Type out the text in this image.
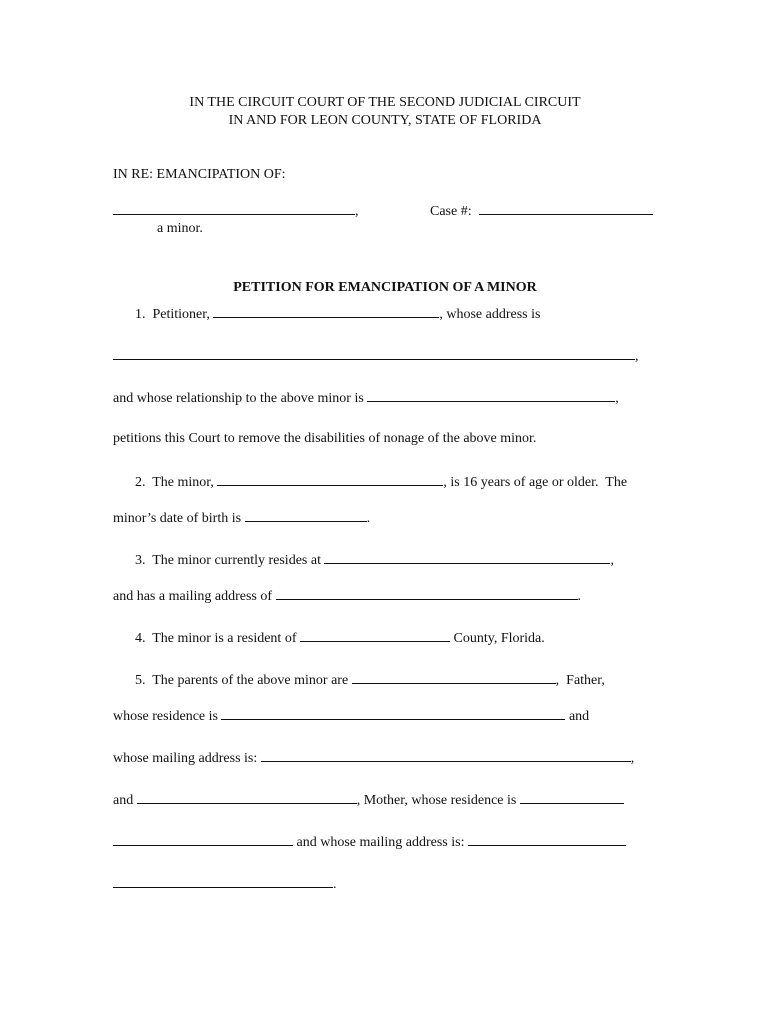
IN THE CIRCUIT COURT OF THE SECOND JUDICIAL CIRCUIT
IN AND FOR LEON COUNTY, STATE OF FLORIDA
IN RE: EMANCIPATION OF:
,	Case #:
a minor.
PETITION FOR EMANCIPATION OF A MINOR
1.  Petitioner,	, whose address is
,
and whose relationship to the above minor is	,
petitions this Court to remove the disabilities of nonage of the above minor.
2.  The minor,	, is 16 years of age or older.  The
minor’s date of birth is	.
3.  The minor currently resides at	,
and has a mailing address of	.
4.  The minor is a resident of	County, Florida.
5.  The parents of the above minor are	,  Father,
whose residence is	and
whose mailing address is:	,
and	, Mother, whose residence is
and whose mailing address is:
.
